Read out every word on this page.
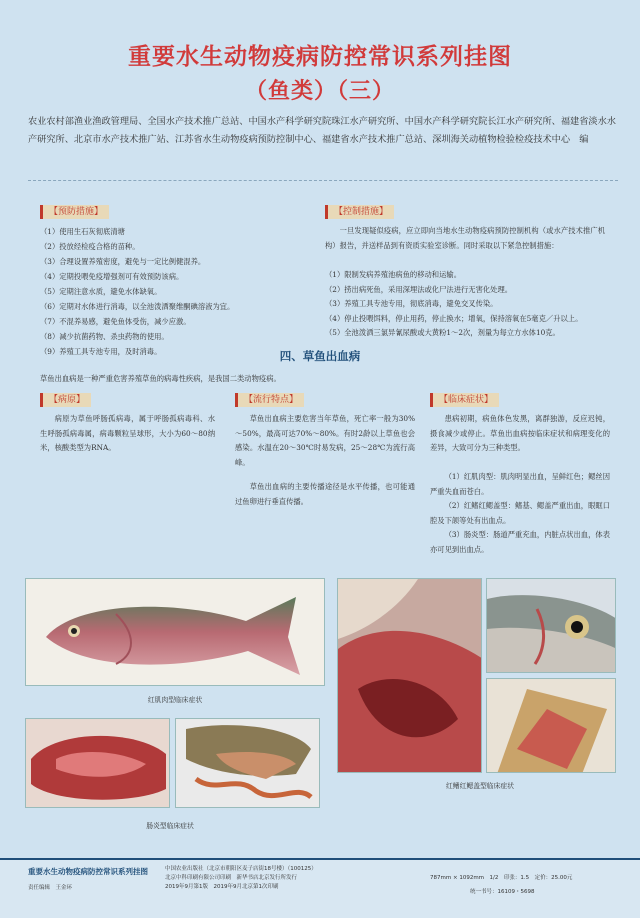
重要水生动物疫病防控常识系列挂图
（鱼类）（三）
农业农村部渔业渔政管理局、全国水产技术推广总站、中国水产科学研究院珠江水产研究所、中国水产科学研究院长江水产研究所、福建省淡水水产研究所、北京市水产技术推广站、江苏省水生动物疫病预防控制中心、福建省水产技术推广总站、深圳海关动植物检验检疫技术中心　编
【预防措施】
（1）使用生石灰彻底清塘
（2）投放经检疫合格的苗种。
（3）合理设置养殖密度，避免与一定比例健混养。
（4）定期投喂免疫增强剂可有效预防该病。
（5）定期注意水质，避免水体缺氧。
（6）定期对水体进行消毒，以全池泼洒聚维酮碘溶液为宜。
（7）不混养易感，避免鱼体受伤，减少应激。
（8）减少抗菌药物、杀虫药物的使用。
（9）养殖工具专池专用，及时消毒。
【控制措施】
一旦发现疑似疫病，应立即向当地水生动物疫病预防控制机构（或水产技术推广机构）报告，并送样品到有资质实验室诊断。同时采取以下紧急控制措施：
（1）限制发病养殖池病鱼的移动和运输。
（2）捞出病死鱼，采用深埋法或化尸法进行无害化处理。
（3）养殖工具专池专用，彻底消毒，避免交叉传染。
（4）停止投喂饵料，停止用药，停止换水；增氧，保持溶氧在5毫克／升以上。
（5）全池泼洒三氯异氰尿酸或大黄粉1～2次，剂量为每立方水体10克。
四、草鱼出血病
草鱼出血病是一种严重危害养殖草鱼的病毒性疾病，是我国二类动物疫病。
【病原】
病原为草鱼呼肠孤病毒，属于呼肠孤病毒科、水生呼肠孤病毒属，病毒颗粒呈球形，大小为60～80纳米，核酸类型为RNA。
【流行特点】
草鱼出血病主要危害当年草鱼，死亡率一般为30%～50%，最高可达70%～80%。有时2龄以上草鱼也会感染。水温在20～30℃时易发病，25～28℃为流行高峰。
草鱼出血病的主要传播途径是水平传播，也可能通过鱼卵进行垂直传播。
【临床症状】
患病初期，病鱼体色发黑，离群独游，反应迟钝，摄食减少或停止。草鱼出血病按临床症状和病理变化的差异，大致可分为三种类型。
（1）红肌肉型：肌肉明显出血，呈鲜红色；鳃丝因严重失血而苍白。
（2）红鳍红鳃盖型：鳍基、鳃盖严重出血，眼眶口腔及下颌等处有出血点。
（3）肠炎型：肠道严重充血，内脏点状出血，体表亦可见到出血点。
红肌肉型临床症状
红鳍红鳃盖型临床症状
肠炎型临床症状
重要水生动物疫病防控常识系列挂图
责任编辑　王金环
中国农业出版社（北京市朝阳区麦子店街18号楼）（100125）
北京中科印刷有限公司印刷　新华书店北京发行所发行
2019年9月第1版　2019年9月北京第1次印刷
787mm × 1092mm　1/2　印张：1.5　定价：25.00元
统一书号：16109・5698
